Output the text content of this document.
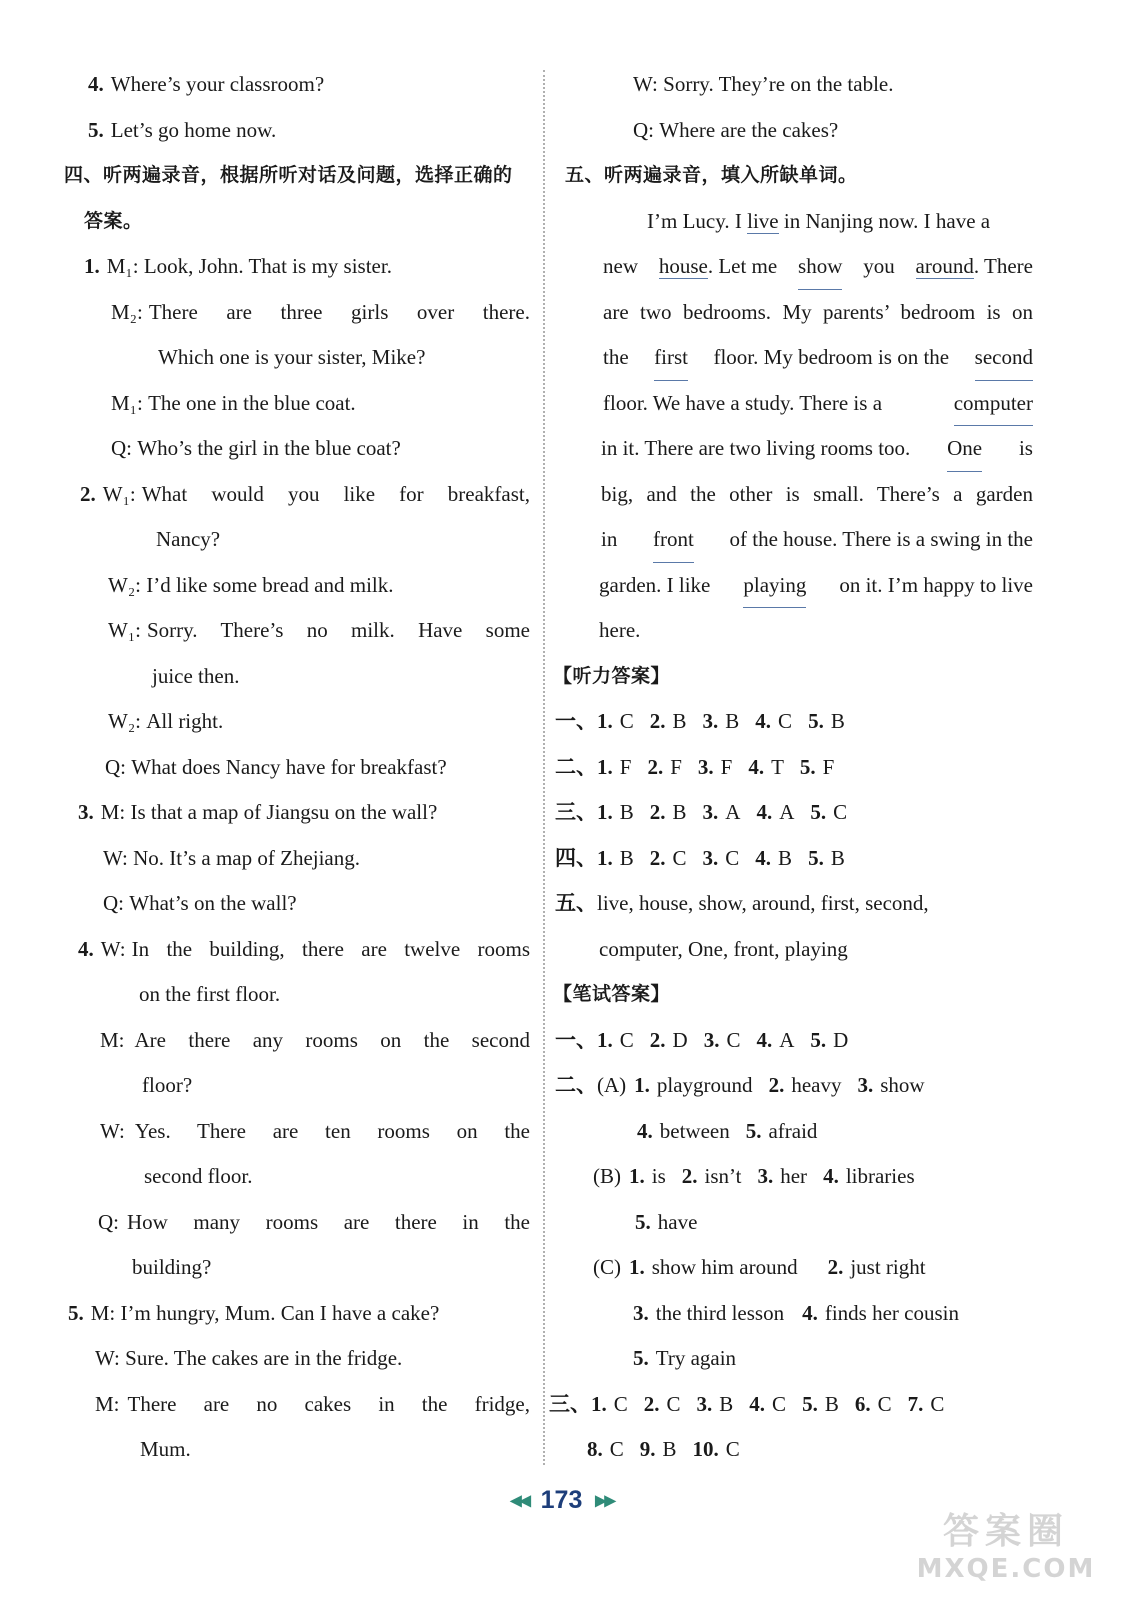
4. Where’s your classroom?
5. Let’s go home now.
四、听两遍录音，根据所听对话及问题，选择正确的
答案。
1. M₁: Look, John. That is my sister.
M₂: There are three girls over there.
Which one is your sister, Mike?
M₁: The one in the blue coat.
Q: Who’s the girl in the blue coat?
2. W₁: What would you like for breakfast,
Nancy?
W₂: I’d like some bread and milk.
W₁: Sorry. There’s no milk. Have some
juice then.
W₂: All right.
Q: What does Nancy have for breakfast?
3. M: Is that a map of Jiangsu on the wall?
W: No. It’s a map of Zhejiang.
Q: What’s on the wall?
4. W: In the building, there are twelve rooms
on the first floor.
M: Are there any rooms on the second
floor?
W: Yes. There are ten rooms on the
second floor.
Q: How many rooms are there in the
building?
5. M: I’m hungry, Mum. Can I have a cake?
W: Sure. The cakes are in the fridge.
M: There are no cakes in the fridge,
Mum.
W: Sorry. They’re on the table.
Q: Where are the cakes?
五、听两遍录音，填入所缺单词。
I’m Lucy. I live in Nanjing now. I have a
new house. Let me show you around. There
are two bedrooms. My parents’ bedroom is on
the first floor. My bedroom is on the second
floor. We have a study. There is a	computer
in it. There are two living rooms too. One is
big, and the other is small. There’s a garden
in front of the house. There is a swing in the
garden. I like playing on it. I’m happy to live
here.
【听力答案】
一、 1. C 2. B 3. B 4. C 5. B
二、 1. F 2. F 3. F 4. T 5. F
三、 1. B 2. B 3. A 4. A 5. C
四、 1. B 2. C 3. C 4. B 5. B
五、live, house, show, around, first, second,
computer, One, front, playing
【笔试答案】
一、 1. C 2. D 3. C 4. A 5. D
二、 (A) 1. playground 2. heavy 3. show
4. between 5. afraid
(B) 1. is 2. isn’t 3. her 4. libraries
5. have
(C) 1. show him around 2. just right
3. the third lesson 4. finds her cousin
5. Try again
三、 1. C 2. C 3. B 4. C 5. B 6. C 7. C
8. C 9. B 10. C
◀◀ 173 ▶▶
答案圈
MXQE.COM
